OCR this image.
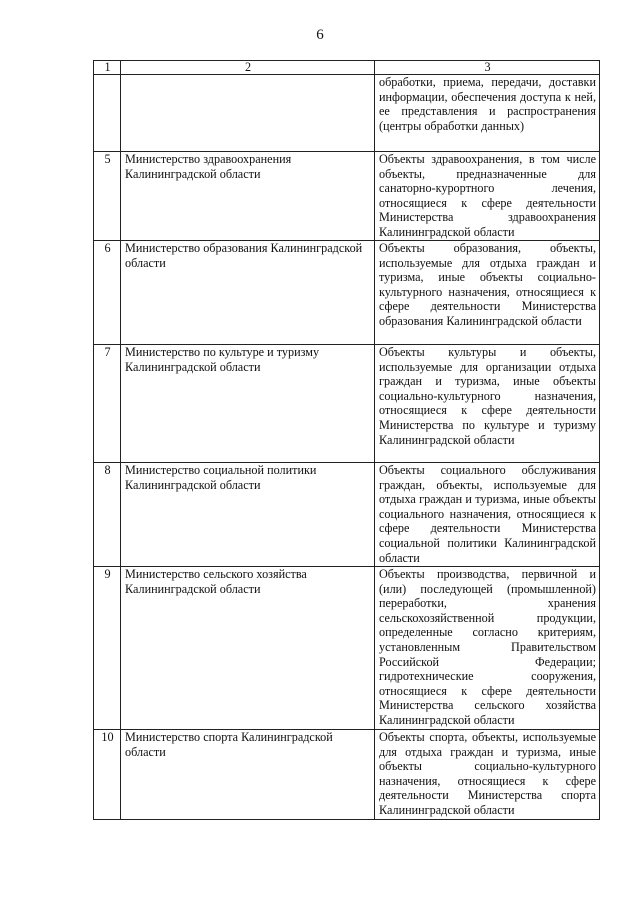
6
1	2	3
		обработки, приема, передачи, доставки информации, обеспечения доступа к ней, ее представления и распространения (центры обработки данных)
5	Министерство здравоохранения Калининградской области	Объекты здравоохранения, в том числе объекты, предназначенные для санаторно-курортного лечения, относящиеся к сфере деятельности Министерства здравоохранения Калининградской области
6	Министерство образования Калининградской области	Объекты образования, объекты, используемые для отдыха граждан и туризма, иные объекты социально-культурного назначения, относящиеся к сфере деятельности Министерства образования Калининградской области
7	Министерство по культуре и туризму Калининградской области	Объекты культуры и объекты, используемые для организации отдыха граждан и туризма, иные объекты социально-культурного назначения, относящиеся к сфере деятельности Министерства по культуре и туризму Калининградской области
8	Министерство социальной политики Калининградской области	Объекты социального обслуживания граждан, объекты, используемые для отдыха граждан и туризма, иные объекты социального назначения, относящиеся к сфере деятельности Министерства социальной политики Калининградской области
9	Министерство сельского хозяйства Калининградской области	Объекты производства, первичной и (или) последующей (промышленной) переработки, хранения сельскохозяйственной продукции, определенные согласно критериям, установленным Правительством Российской Федерации; гидротехнические сооружения, относящиеся к сфере деятельности Министерства сельского хозяйства Калининградской области
10	Министерство спорта Калининградской области	Объекты спорта, объекты, используемые для отдыха граждан и туризма, иные объекты социально-культурного назначения, относящиеся к сфере деятельности Министерства спорта Калининградской области
